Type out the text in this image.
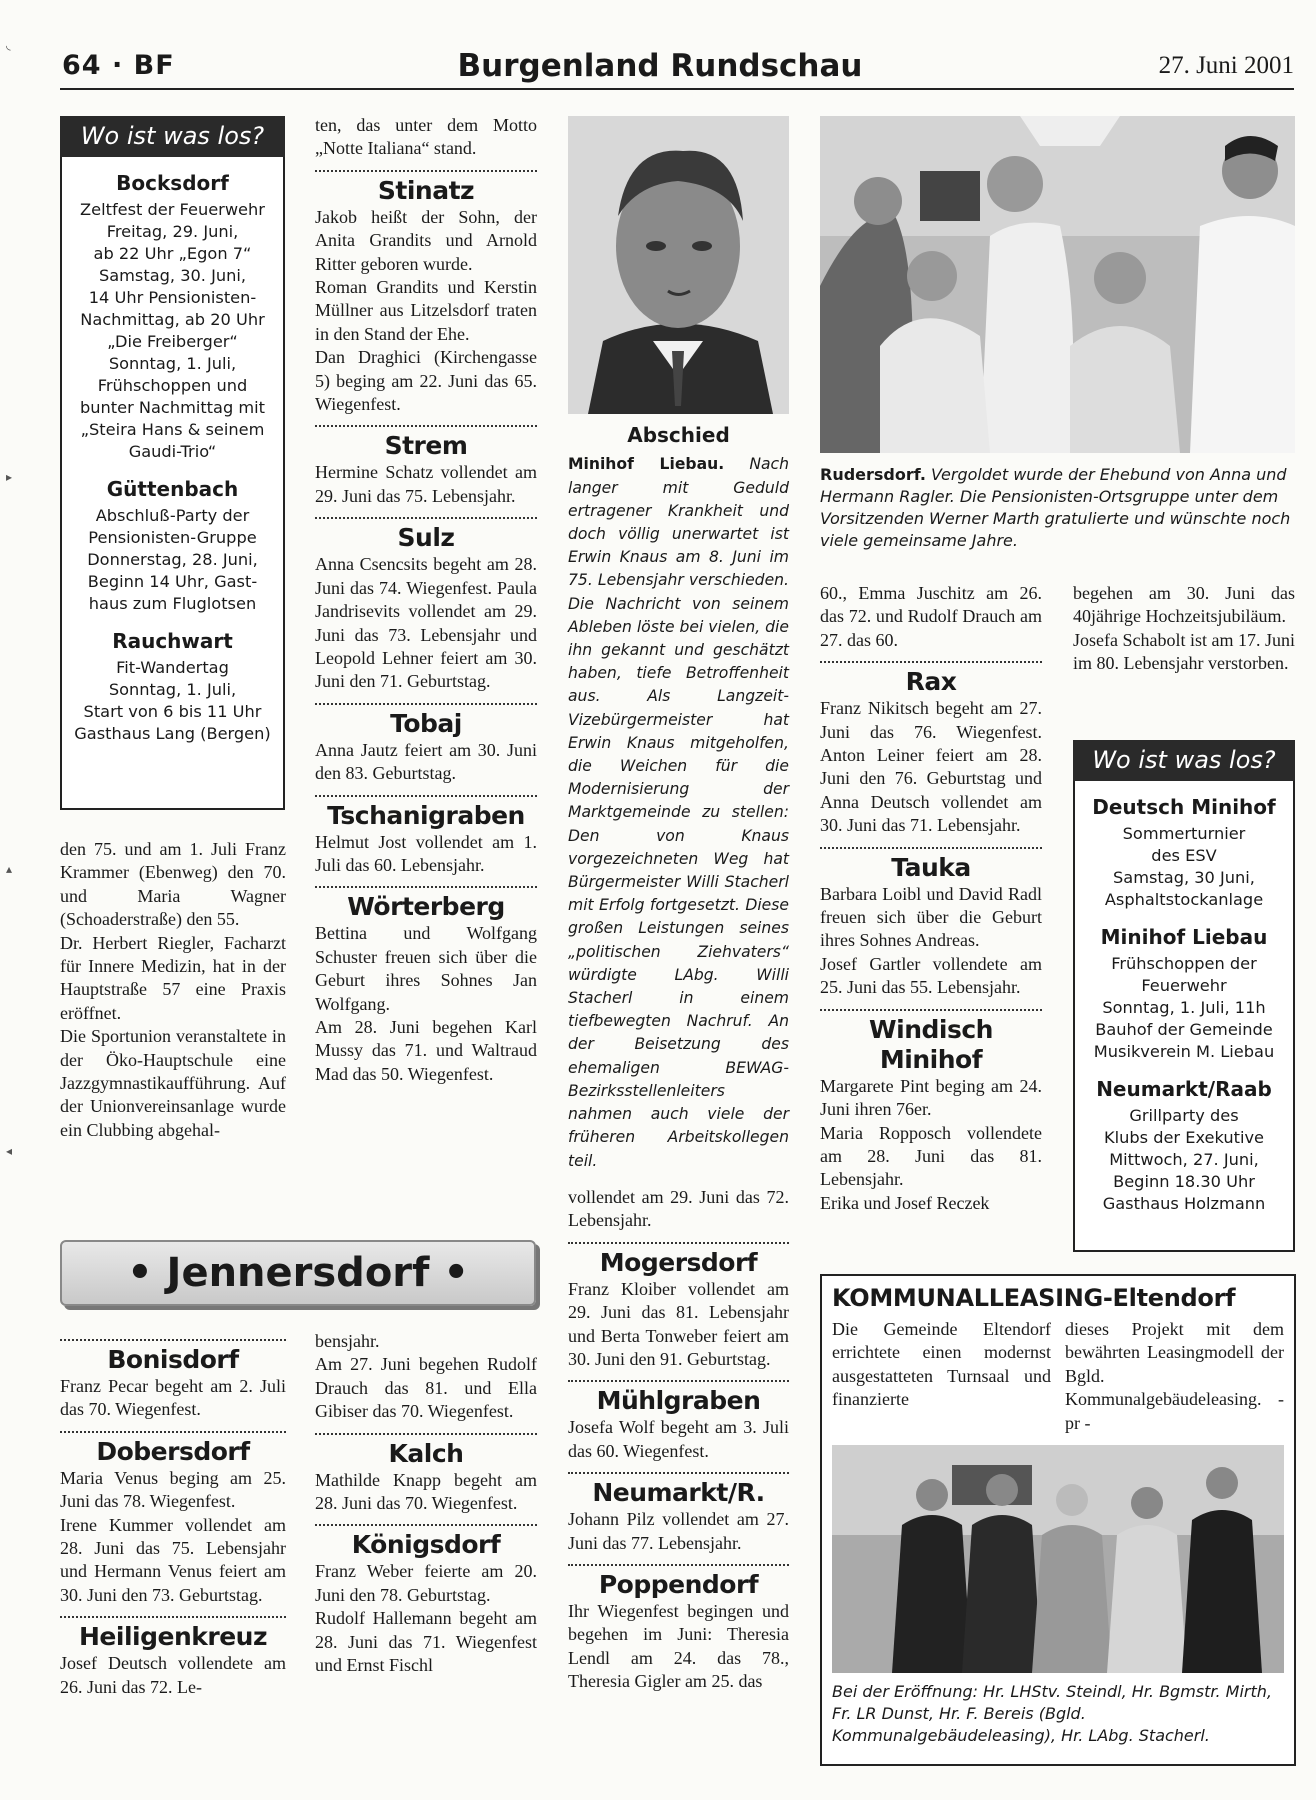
64 · BF	Burgenland Rundschau	27. Juni 2001
Wo ist was los?
Bocksdorf

Zeltfest der Feuerwehr

Freitag, 29. Juni,

ab 22 Uhr „Egon 7“

Samstag, 30. Juni,

14 Uhr Pensionisten-

Nachmittag, ab 20 Uhr

„Die Freiberger“

Sonntag, 1. Juli,

Frühschoppen und

bunter Nachmittag mit

„Steira Hans & seinem

Gaudi-Trio“

Güttenbach

Abschluß-Party der

Pensionisten-Gruppe

Donnerstag, 28. Juni,

Beginn 14 Uhr, Gast-

haus zum Fluglotsen

Rauchwart

Fit-Wandertag

Sonntag, 1. Juli,

Start von 6 bis 11 Uhr

Gasthaus Lang (Bergen)

den 75. und am 1. Juli Franz Krammer (Ebenweg) den 70. und Maria Wagner (Schoaderstraße) den 55.

Dr. Herbert Riegler, Facharzt für Innere Medizin, hat in der Hauptstraße 57 eine Praxis eröffnet.

Die Sportunion veranstaltete in der Öko-Hauptschule eine Jazzgymnastikaufführung. Auf der Unionvereinsanlage wurde ein Clubbing abgehal-

ten, das unter dem Motto „Notte Italiana“ stand.

Stinatz

Jakob heißt der Sohn, der Anita Grandits und Arnold Ritter geboren wurde.

Roman Grandits und Kerstin Müllner aus Litzelsdorf traten in den Stand der Ehe.

Dan Draghici (Kirchengasse 5) beging am 22. Juni das 65. Wiegenfest.

Strem

Hermine Schatz vollendet am 29. Juni das 75. Lebensjahr.

Sulz

Anna Csencsits begeht am 28. Juni das 74. Wiegenfest. Paula Jandrisevits vollendet am 29. Juni das 73. Lebensjahr und Leopold Lehner feiert am 30. Juni den 71. Geburtstag.

Tobaj

Anna Jautz feiert am 30. Juni den 83. Geburtstag.

Tschanigraben

Helmut Jost vollendet am 1. Juli das 60. Lebensjahr.

Wörterberg

Bettina und Wolfgang Schuster freuen sich über die Geburt ihres Sohnes Jan Wolfgang.

Am 28. Juni begehen Karl Mussy das 71. und Waltraud Mad das 50. Wiegenfest.

Abschied
Minihof Liebau. Nach langer mit Geduld ertragener Krankheit und doch völlig unerwartet ist Erwin Knaus am 8. Juni im 75. Lebensjahr verschieden. Die Nachricht von seinem Ableben löste bei vielen, die ihn gekannt und geschätzt haben, tiefe Betroffenheit aus. Als Langzeit-Vizebürgermeister hat Erwin Knaus mitgeholfen, die Weichen für die Modernisierung der Marktgemeinde zu stellen: Den von Knaus vorgezeichneten Weg hat Bürgermeister Willi Stacherl mit Erfolg fortgesetzt. Diese großen Leistungen seines „politischen Ziehvaters“ würdigte LAbg. Willi Stacherl in einem tiefbewegten Nachruf. An der Beisetzung des ehemaligen BEWAG-Bezirksstellenleiters nahmen auch viele der früheren Arbeitskollegen teil.
Rudersdorf. Vergoldet wurde der Ehebund von Anna und Hermann Ragler. Die Pensionisten-Ortsgruppe unter dem Vorsitzenden Werner Marth gratulierte und wünschte noch viele gemeinsame Jahre.

60., Emma Juschitz am 26. das 72. und Rudolf Drauch am 27. das 60.

Rax

Franz Nikitsch begeht am 27. Juni das 76. Wiegenfest. Anton Leiner feiert am 28. Juni den 76. Geburtstag und Anna Deutsch vollendet am 30. Juni das 71. Lebensjahr.

Tauka

Barbara Loibl und David Radl freuen sich über die Geburt ihres Sohnes Andreas.

Josef Gartler vollendete am 25. Juni das 55. Lebensjahr.

Windisch Minihof

Margarete Pint beging am 24. Juni ihren 76er.

Maria Ropposch vollendete am 28. Juni das 81. Lebensjahr.

Erika und Josef Reczek

begehen am 30. Juni das 40jährige Hochzeitsjubiläum.

Josefa Schabolt ist am 17. Juni im 80. Lebensjahr verstorben.

Wo ist was los?
Deutsch Minihof

Sommerturnier

des ESV

Samstag, 30 Juni,

Asphaltstockanlage

Minihof Liebau

Frühschoppen der

Feuerwehr

Sonntag, 1. Juli, 11h

Bauhof der Gemeinde

Musikverein M. Liebau

Neumarkt/Raab

Grillparty des

Klubs der Exekutive

Mittwoch, 27. Juni,

Beginn 18.30 Uhr

Gasthaus Holzmann

• Jennersdorf •
Bonisdorf

Franz Pecar begeht am 2. Juli das 70. Wiegenfest.

Dobersdorf

Maria Venus beging am 25. Juni das 78. Wiegenfest.

Irene Kummer vollendet am 28. Juni das 75. Lebensjahr und Hermann Venus feiert am 30. Juni den 73. Geburtstag.

Heiligenkreuz

Josef Deutsch vollendete am 26. Juni das 72. Le-

bensjahr.

Am 27. Juni begehen Rudolf Drauch das 81. und Ella Gibiser das 70. Wiegenfest.

Kalch

Mathilde Knapp begeht am 28. Juni das 70. Wiegenfest.

Königsdorf

Franz Weber feierte am 20. Juni den 78. Geburtstag.

Rudolf Hallemann begeht am 28. Juni das 71. Wiegenfest und Ernst Fischl

vollendet am 29. Juni das 72. Lebensjahr.

Mogersdorf

Franz Kloiber vollendet am 29. Juni das 81. Lebensjahr und Berta Tonweber feiert am 30. Juni den 91. Geburtstag.

Mühlgraben

Josefa Wolf begeht am 3. Juli das 60. Wiegenfest.

Neumarkt/R.

Johann Pilz vollendet am 27. Juni das 77. Lebensjahr.

Poppendorf

Ihr Wiegenfest begingen und begehen im Juni: Theresia Lendl am 24. das 78., Theresia Gigler am 25. das

KOMMUNALLEASING-Eltendorf
Die Gemeinde Eltendorf errichtete einen modernst ausgestatteten Turnsaal und finanzierte
dieses Projekt mit dem bewährten Leasingmodell der Bgld. Kommunalgebäudeleasing. - pr -
Bei der Eröffnung: Hr. LHStv. Steindl, Hr. Bgmstr. Mirth, Fr. LR Dunst, Hr. F. Bereis (Bgld. Kommunalgebäudeleasing), Hr. LAbg. Stacherl.
◟
▸
▴
◂
